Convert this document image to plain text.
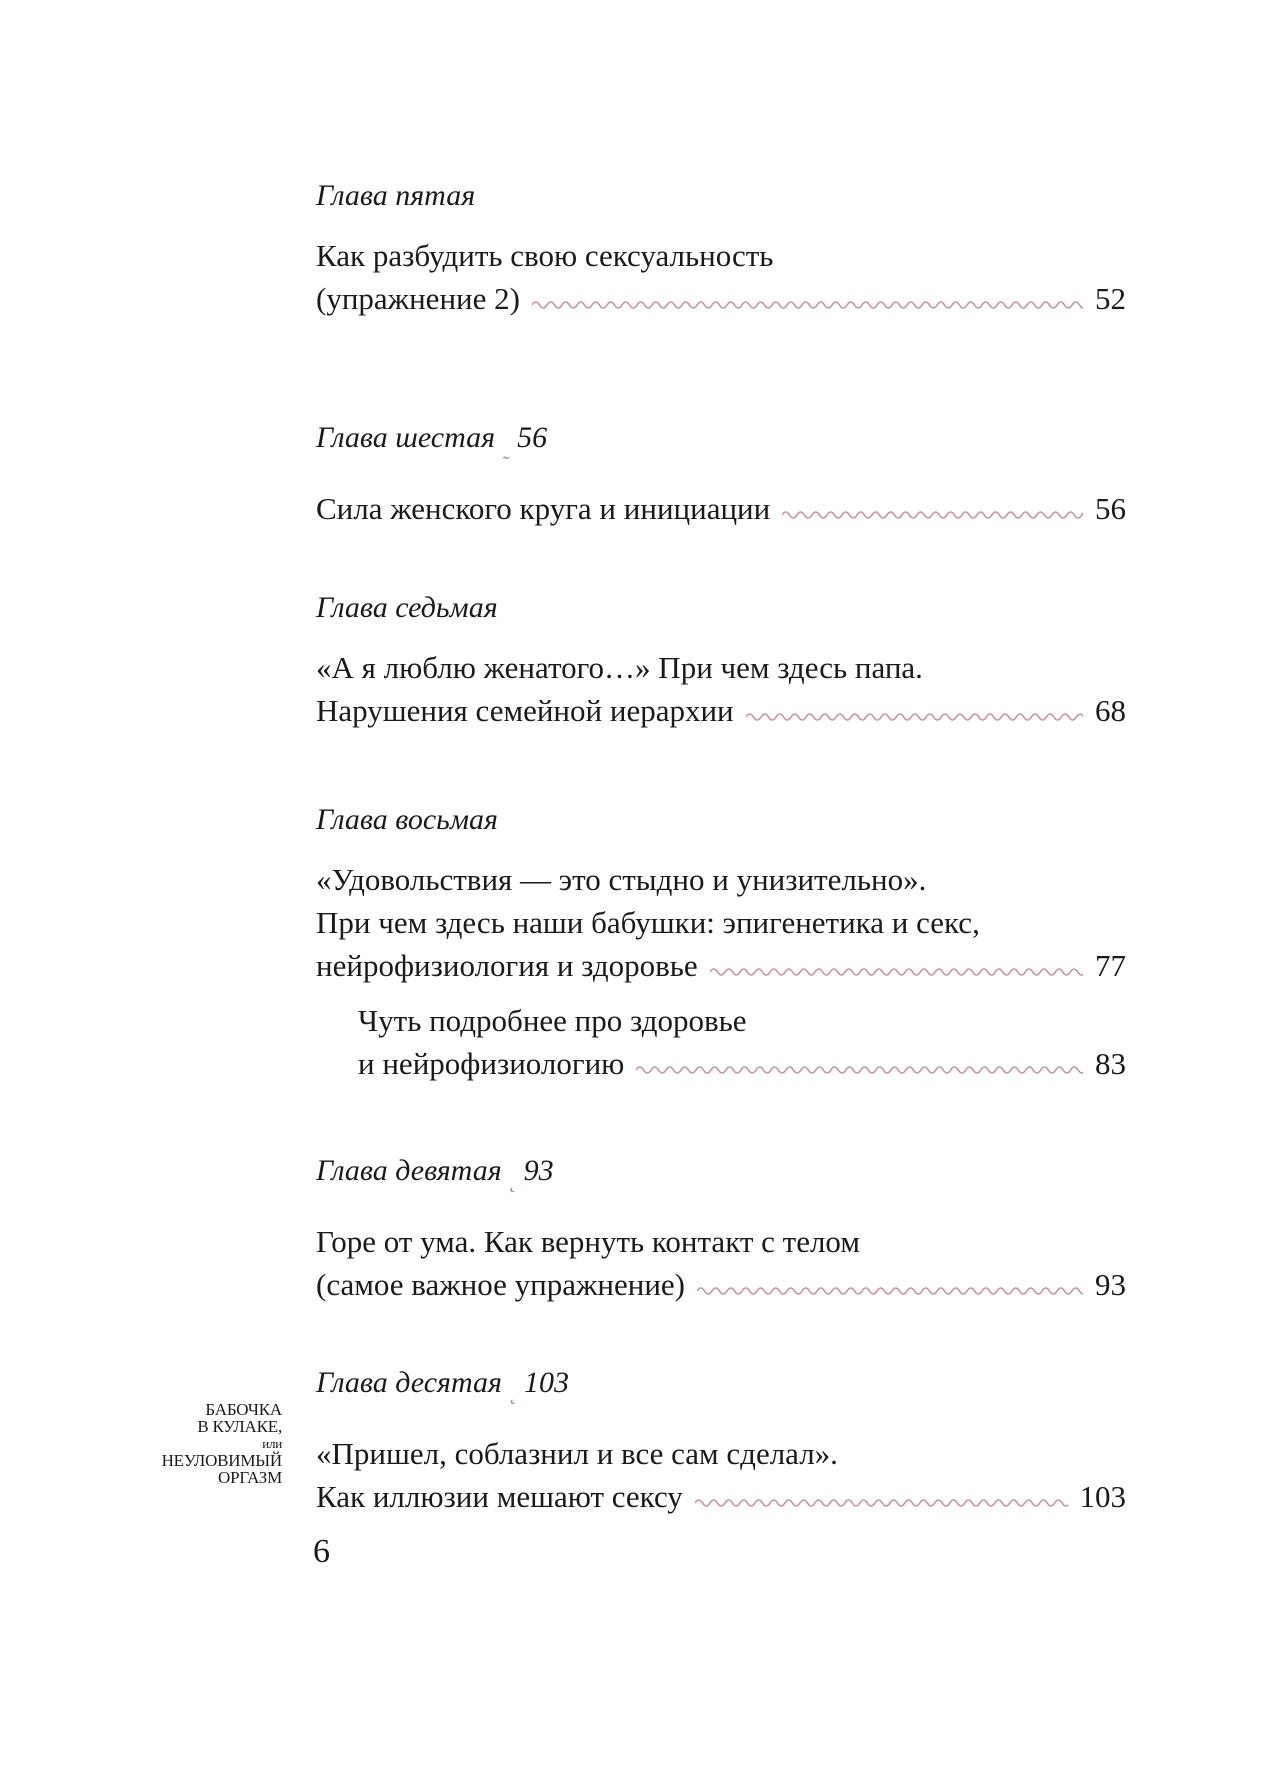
Глава пятая
Как разбудить свою сексуальность
(упражнение 2)	52
Глава шестая ˷ 56
Сила женского круга и инициации	56
Глава седьмая
«А я люблю женатого…» При чем здесь папа.
Нарушения семейной иерархии	68
Глава восьмая
«Удовольствия — это стыдно и унизительно».
При чем здесь наши бабушки: эпигенетика и секс,
нейрофизиология и здоровье	77
Чуть подробнее про здоровье
и нейрофизиологию	83
Глава девятая ˛ 93
Горе от ума. Как вернуть контакт с телом
(самое важное упражнение)	93
Глава десятая ˛ 103
«Пришел, соблазнил и все сам сделал».
Как иллюзии мешают сексу	103
БАБОЧКА
В КУЛАКЕ,
или
НЕУЛОВИМЫЙ
ОРГАЗМ
6
